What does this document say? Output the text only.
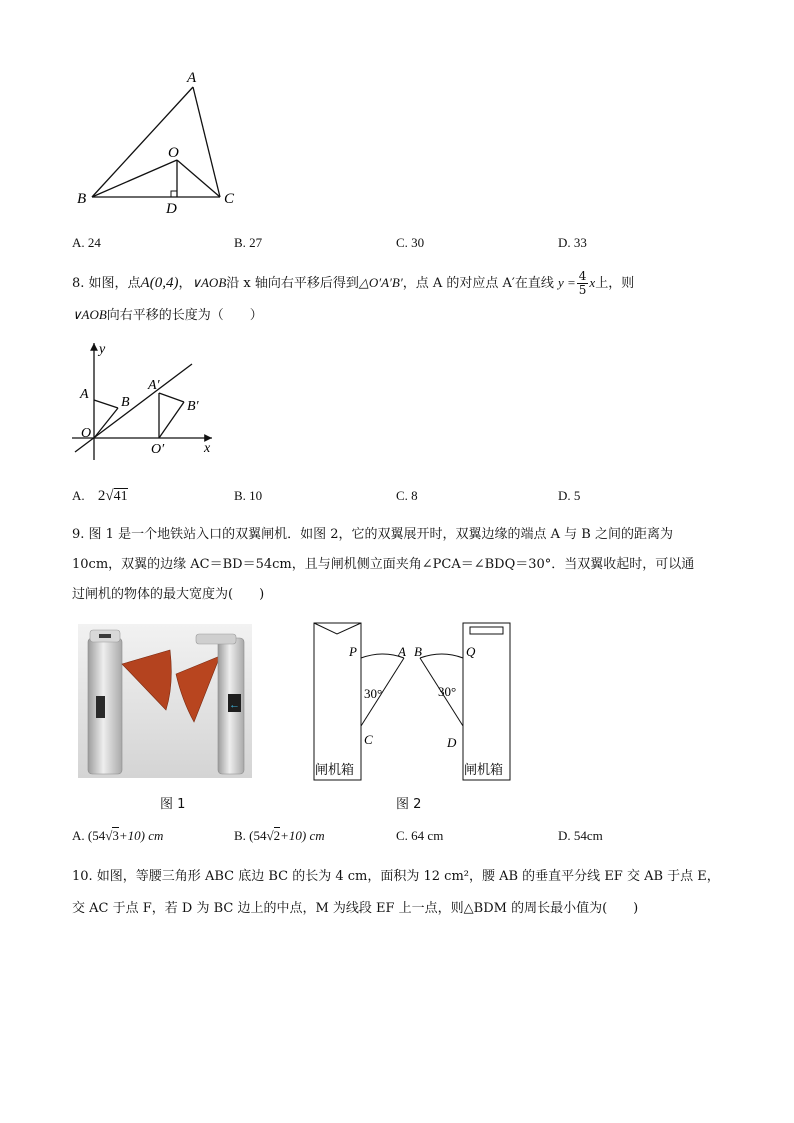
A
O
B	C
D
A. 24	B. 27	C. 30	D. 33
8. 如图，点A(0,4)，∨AOB沿 x 轴向右平移后得到△O′A′B′，点 A 的对应点 A′在直线 $y = \frac{4}{5}$ x上，则
∨AOB向右平移的长度为（　　）
y
x
A
B
O
A′
B′
O′
A. 2√41	B. 10	C. 8	D. 5
9. 图 1 是一个地铁站入口的双翼闸机．如图 2，它的双翼展开时，双翼边缘的端点 A 与 B 之间的距离为
10cm，双翼的边缘 AC＝BD＝54cm，且与闸机侧立面夹角∠PCA＝∠BDQ＝30°．当双翼收起时，可以通
过闸机的物体的最大宽度为(　　)
←
图 1
P	A B	Q
C	D
30°	30°
闸机箱	闸机箱
图 2
A. (54√3+10) cm	B. (54√2+10) cm	C. 64 cm	D. 54cm
10. 如图，等腰三角形 ABC 底边 BC 的长为 4 cm，面积为 12 cm²，腰 AB 的垂直平分线 EF 交 AB 于点 E，
交 AC 于点 F，若 D 为 BC 边上的中点，M 为线段 EF 上一点，则△BDM 的周长最小值为(　　)
